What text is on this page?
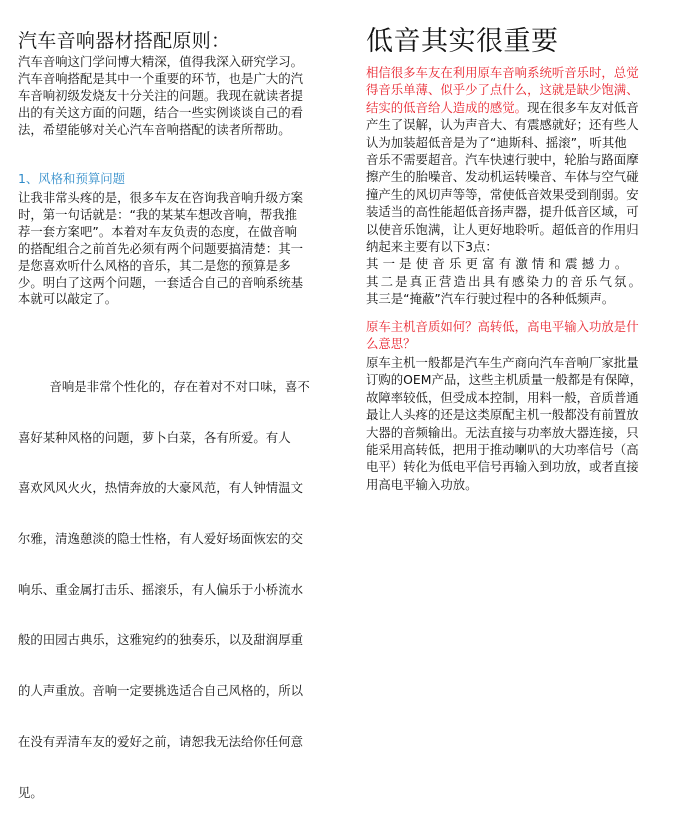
汽车音响器材搭配原则：
汽车音响这门学问博大精深，值得我深入研究学习。
汽车音响搭配是其中一个重要的环节，也是广大的汽
车音响初级发烧友十分关注的问题。我现在就读者提
出的有关这方面的问题，结合一些实例谈谈自己的看
法，希望能够对关心汽车音响搭配的读者所帮助。
1、风格和预算问题
让我非常头疼的是，很多车友在咨询我音响升级方案
时，第一句话就是：“我的某某车想改音响，帮我推
荐一套方案吧”。本着对车友负责的态度，在做音响
的搭配组合之前首先必须有两个问题要搞清楚：其一
是您喜欢听什么风格的音乐，其二是您的预算是多
少。明白了这两个问题，一套适合自己的音响系统基
本就可以敲定了。

音响是非常个性化的，存在着对不对口味，喜不

喜好某种风格的问题，萝卜白菜，各有所爱。有人

喜欢风风火火，热情奔放的大豪风范，有人钟情温文

尔雅，清逸憩淡的隐士性格，有人爱好场面恢宏的交

响乐、重金属打击乐、摇滚乐，有人偏乐于小桥流水

般的田园古典乐，这雅宛约的独奏乐，以及甜润厚重

的人声重放。音响一定要挑选适合自己风格的，所以

在没有弄清车友的爱好之前，请恕我无法给你任何意

见。

低音其实很重要
相信很多车友在利用原车音响系统听音乐时，总觉
得音乐单薄、似乎少了点什么，这就是缺少饱满、
结实的低音给人造成的感觉。现在很多车友对低音
产生了误解，认为声音大、有震感就好；还有些人
认为加装超低音是为了“迪斯科、摇滚”，听其他
音乐不需要超音。汽车快速行驶中，轮胎与路面摩
擦产生的胎噪音、发动机运转噪音、车体与空气碰
撞产生的风切声等等，常使低音效果受到削弱。安
装适当的高性能超低音扬声器，提升低音区域，可
以使音乐饱满，让人更好地聆听。超低音的作用归
纳起来主要有以下3点：
其一是使音乐更富有激情和震撼力。
其二是真正营造出具有感染力的音乐气氛。
其三是“掩蔽”汽车行驶过程中的各种低频声。
原车主机音质如何？高转低，高电平输入功放是什
么意思？
原车主机一般都是汽车生产商向汽车音响厂家批量
订购的OEM产品，这些主机质量一般都是有保障，
故障率较低，但受成本控制，用料一般，音质普通
最让人头疼的还是这类原配主机一般都没有前置放
大器的音频输出。无法直接与功率放大器连接，只
能采用高转低，把用于推动喇叭的大功率信号（高
电平）转化为低电平信号再输入到功放，或者直接
用高电平输入功放。
